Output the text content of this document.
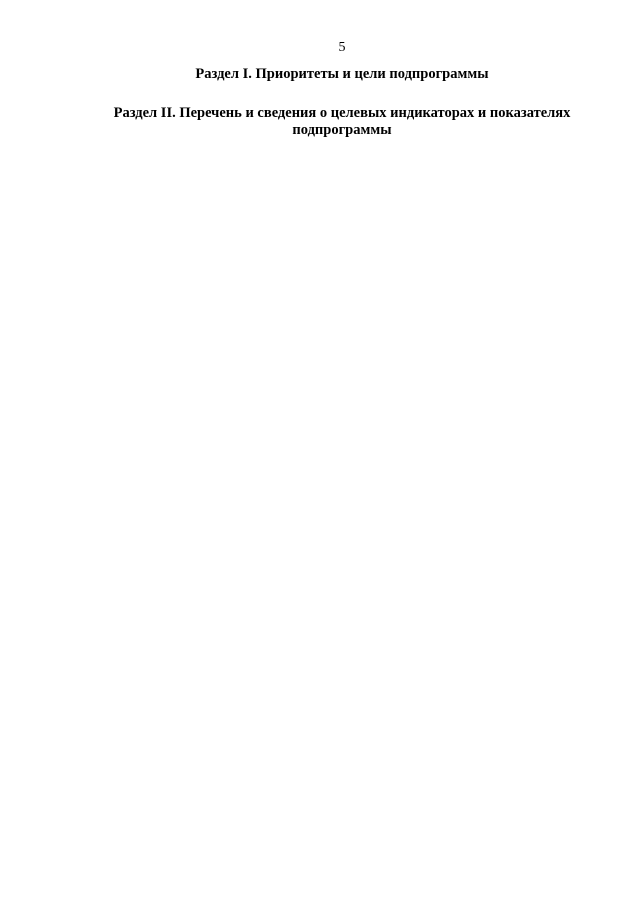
5
Раздел I. Приоритеты и цели подпрограммы
Раздел II. Перечень и сведения о целевых индикаторах и показателях подпрограммы
